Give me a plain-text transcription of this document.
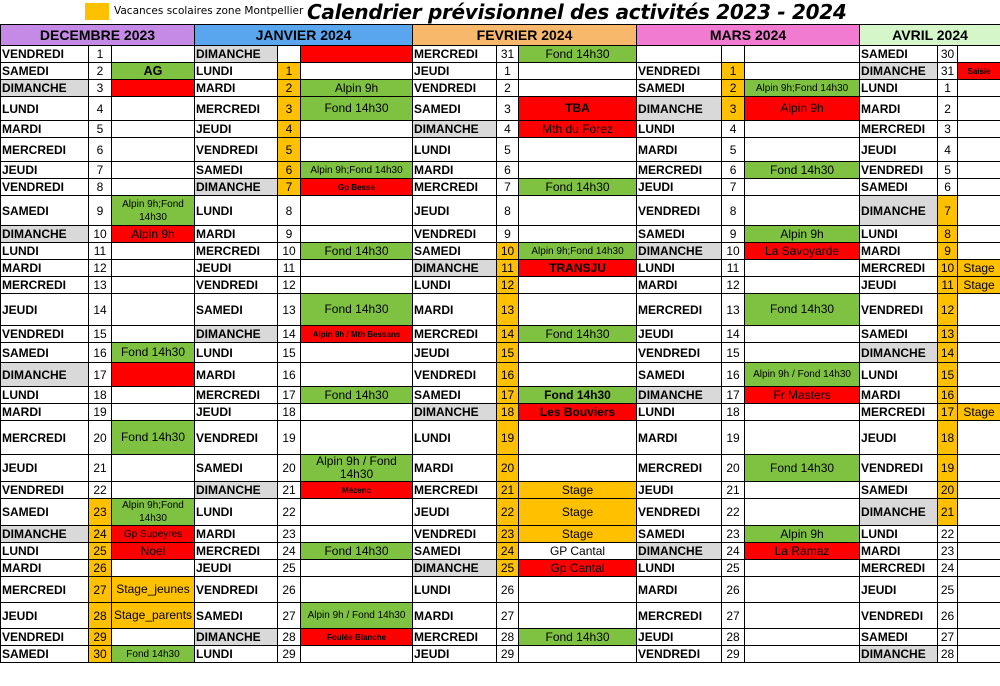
Vacances scolaires zone Montpellier Calendrier prévisionnel des activités 2023 - 2024
DECEMBRE 2023			JANVIER 2024			FEVRIER 2024			MARS 2024			AVRIL 2024		
VENDREDI	1		DIMANCHE			MERCREDI	31	Fond 14h30				SAMEDI	30	
SAMEDI	2	AG	LUNDI	1		JEUDI	1		VENDREDI	1		DIMANCHE	31	Saisie
DIMANCHE	3		MARDI	2	Alpin 9h	VENDREDI	2		SAMEDI	2	Alpin 9h;Fond 14h30	LUNDI	1	
LUNDI	4		MERCREDI	3	Fond 14h30	SAMEDI	3	TBA	DIMANCHE	3	Alpin 9h	MARDI	2	
MARDI	5		JEUDI	4		DIMANCHE	4	Mth du Forez	LUNDI	4		MERCREDI	3	
MERCREDI	6		VENDREDI	5		LUNDI	5		MARDI	5		JEUDI	4	
JEUDI	7		SAMEDI	6	Alpin 9h;Fond 14h30	MARDI	6		MERCREDI	6	Fond 14h30	VENDREDI	5	
VENDREDI	8		DIMANCHE	7	Gp Besse	MERCREDI	7	Fond 14h30	JEUDI	7		SAMEDI	6	
SAMEDI	9	Alpin 9h;Fond 14h30	LUNDI	8		JEUDI	8		VENDREDI	8		DIMANCHE	7	
DIMANCHE	10	Alpin 9h	MARDI	9		VENDREDI	9		SAMEDI	9	Alpin 9h	LUNDI	8	
LUNDI	11		MERCREDI	10	Fond 14h30	SAMEDI	10	Alpin 9h;Fond 14h30	DIMANCHE	10	La Savoyarde	MARDI	9	
MARDI	12		JEUDI	11		DIMANCHE	11	TRANSJU	LUNDI	11		MERCREDI	10	Stage
MERCREDI	13		VENDREDI	12		LUNDI	12		MARDI	12		JEUDI	11	Stage
JEUDI	14		SAMEDI	13	Fond 14h30	MARDI	13		MERCREDI	13	Fond 14h30	VENDREDI	12	
VENDREDI	15		DIMANCHE	14	Alpin 9h / Mth Bessans	MERCREDI	14	Fond 14h30	JEUDI	14		SAMEDI	13	
SAMEDI	16	Fond 14h30	LUNDI	15		JEUDI	15		VENDREDI	15		DIMANCHE	14	
DIMANCHE	17		MARDI	16		VENDREDI	16		SAMEDI	16	Alpin 9h / Fond 14h30	LUNDI	15	
LUNDI	18		MERCREDI	17	Fond 14h30	SAMEDI	17	Fond 14h30	DIMANCHE	17	Fr Masters	MARDI	16	
MARDI	19		JEUDI	18		DIMANCHE	18	Les Bouviers	LUNDI	18		MERCREDI	17	Stage
MERCREDI	20	Fond 14h30	VENDREDI	19		LUNDI	19		MARDI	19		JEUDI	18	
JEUDI	21		SAMEDI	20	Alpin 9h / Fond 14h30	MARDI	20		MERCREDI	20	Fond 14h30	VENDREDI	19	
VENDREDI	22		DIMANCHE	21	Mézenc	MERCREDI	21	Stage	JEUDI	21		SAMEDI	20	
SAMEDI	23	Alpin 9h;Fond 14h30	LUNDI	22		JEUDI	22	Stage	VENDREDI	22		DIMANCHE	21	
DIMANCHE	24	Gp Supeyres	MARDI	23		VENDREDI	23	Stage	SAMEDI	23	Alpin 9h	LUNDI	22	
LUNDI	25	Noel	MERCREDI	24	Fond 14h30	SAMEDI	24	GP Cantal	DIMANCHE	24	La Ramaz	MARDI	23	
MARDI	26		JEUDI	25		DIMANCHE	25	Gp Cantal	LUNDI	25		MERCREDI	24	
MERCREDI	27	Stage_jeunes	VENDREDI	26		LUNDI	26		MARDI	26		JEUDI	25	
JEUDI	28	Stage_parents	SAMEDI	27	Alpin 9h / Fond 14h30	MARDI	27		MERCREDI	27		VENDREDI	26	
VENDREDI	29		DIMANCHE	28	Foulée Blanche	MERCREDI	28	Fond 14h30	JEUDI	28		SAMEDI	27	
SAMEDI	30	Fond 14h30	LUNDI	29		JEUDI	29		VENDREDI	29		DIMANCHE	28	
